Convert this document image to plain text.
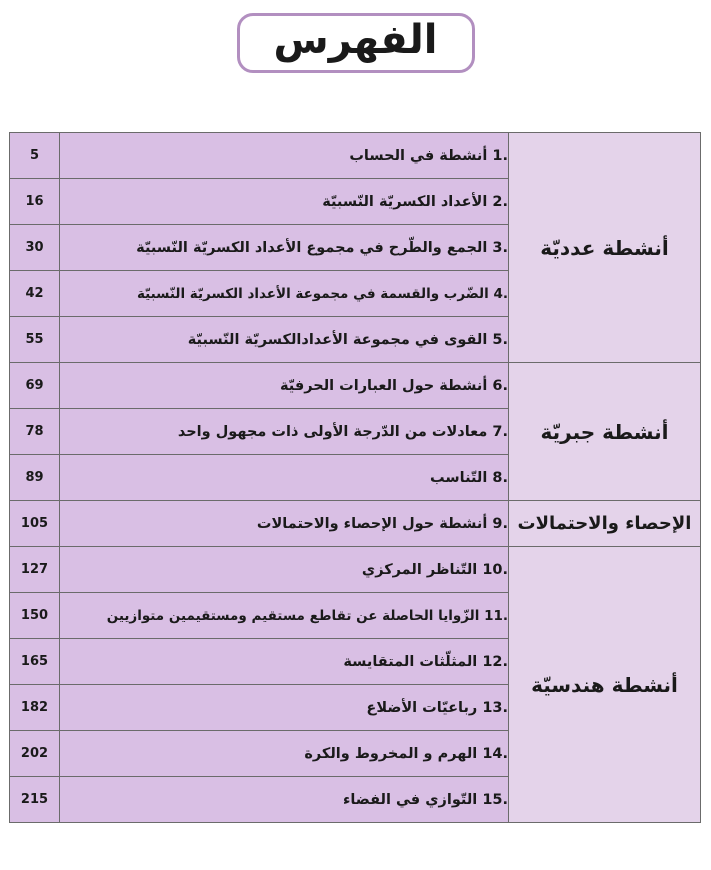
الفهرس
أنشطة عدديّة	1. أنشطة في الحساب	5
	2. الأعداد الكسريّة النّسبيّة	16
	3. الجمع والطّرح في مجموع الأعداد الكسريّة النّسبيّة	30
	4. الضّرب والقسمة في مجموعة الأعداد الكسريّة النّسبيّة	42
	5. القوى في مجموعة الأعدادالكسريّة النّسبيّة	55
أنشطة جبريّة	6. أنشطة حول العبارات الحرفيّة	69
	7. معادلات من الدّرجة الأولى ذات مجهول واحد	78
	8. التّناسب	89
الإحصاء والاحتمالات	9. أنشطة حول الإحصاء والاحتمالات	105
أنشطة هندسيّة	10. التّناظر المركزي	127
	11. الزّوايا الحاصلة عن تقاطع مستقيم ومستقيمين متوازيين	150
	12. المثلّثات المتقايسة	165
	13. رباعيّات الأضلاع	182
	14. الهرم و المخروط والكرة	202
	15. التّوازي في الفضاء	215
